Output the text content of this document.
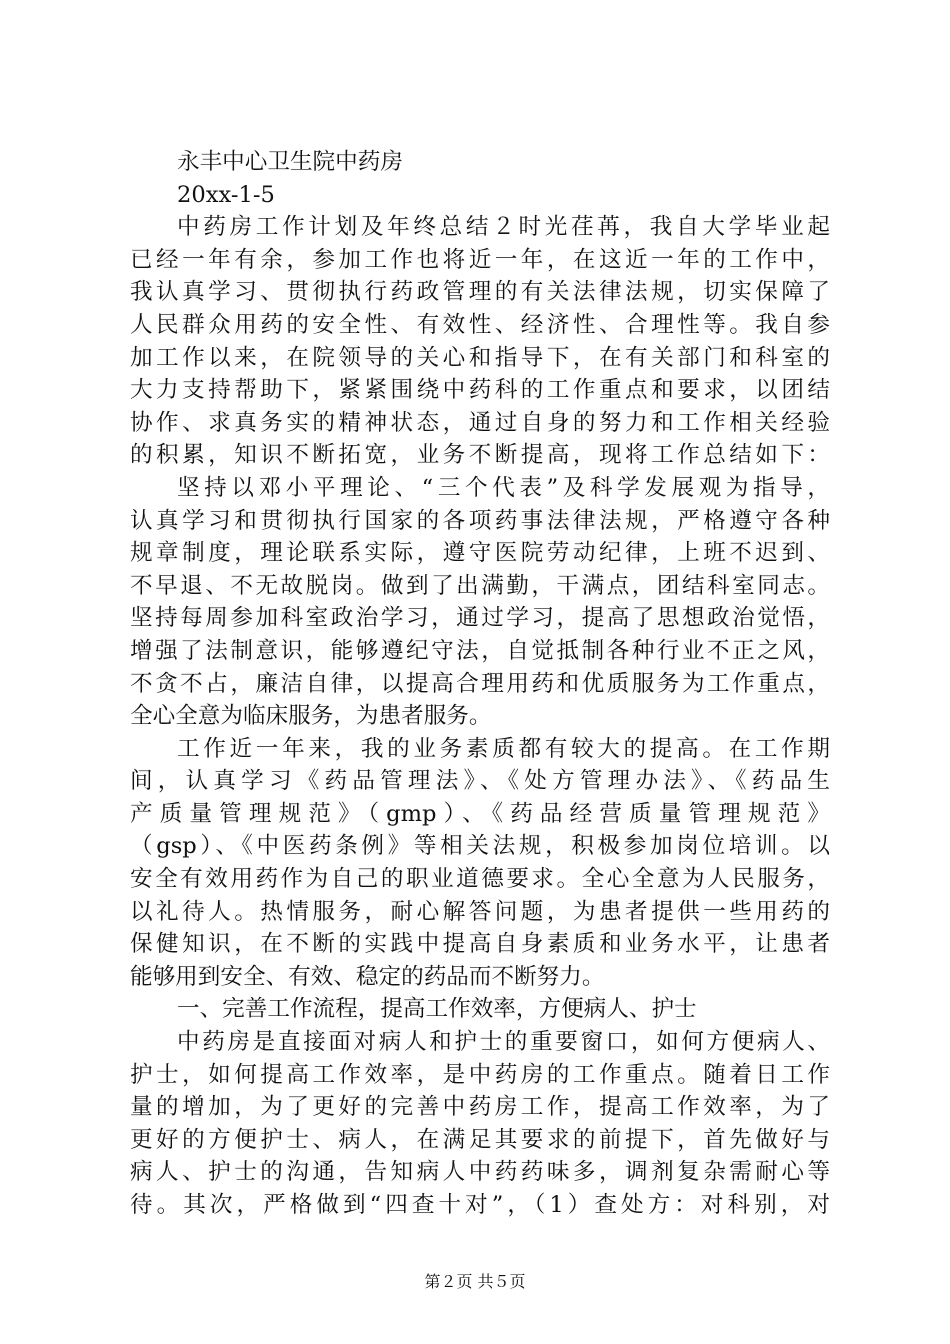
永丰中心卫生院中药房
20xx-1-5
中药房工作计划及年终总结２时光荏苒，我自大学毕业起
已经一年有余，参加工作也将近一年，在这近一年的工作中，
我认真学习、贯彻执行药政管理的有关法律法规，切实保障了
人民群众用药的安全性、有效性、经济性、合理性等。我自参
加工作以来，在院领导的关心和指导下，在有关部门和科室的
大力支持帮助下，紧紧围绕中药科的工作重点和要求，以团结
协作、求真务实的精神状态，通过自身的努力和工作相关经验
的积累，知识不断拓宽，业务不断提高，现将工作总结如下：
坚持以邓小平理论、“三个代表”及科学发展观为指导，
认真学习和贯彻执行国家的各项药事法律法规，严格遵守各种
规章制度，理论联系实际，遵守医院劳动纪律，上班不迟到、
不早退、不无故脱岗。做到了出满勤，干满点，团结科室同志。
坚持每周参加科室政治学习，通过学习，提高了思想政治觉悟，
增强了法制意识，能够遵纪守法，自觉抵制各种行业不正之风，
不贪不占，廉洁自律，以提高合理用药和优质服务为工作重点，
全心全意为临床服务，为患者服务。
工作近一年来，我的业务素质都有较大的提高。在工作期
间，认真学习《药品管理法》、《处方管理办法》、《药品生
产质量管理规范》（gmp）、《药品经营质量管理规范》
（gsp）、《中医药条例》等相关法规，积极参加岗位培训。以
安全有效用药作为自己的职业道德要求。全心全意为人民服务，
以礼待人。热情服务，耐心解答问题，为患者提供一些用药的
保健知识，在不断的实践中提高自身素质和业务水平，让患者
能够用到安全、有效、稳定的药品而不断努力。
一、完善工作流程，提高工作效率，方便病人、护士
中药房是直接面对病人和护士的重要窗口，如何方便病人、
护士，如何提高工作效率，是中药房的工作重点。随着日工作
量的增加，为了更好的完善中药房工作，提高工作效率，为了
更好的方便护士、病人，在满足其要求的前提下，首先做好与
病人、护士的沟通，告知病人中药药味多，调剂复杂需耐心等
待。其次，严格做到“四查十对”，（1）查处方：对科别，对
第２页 共５页
